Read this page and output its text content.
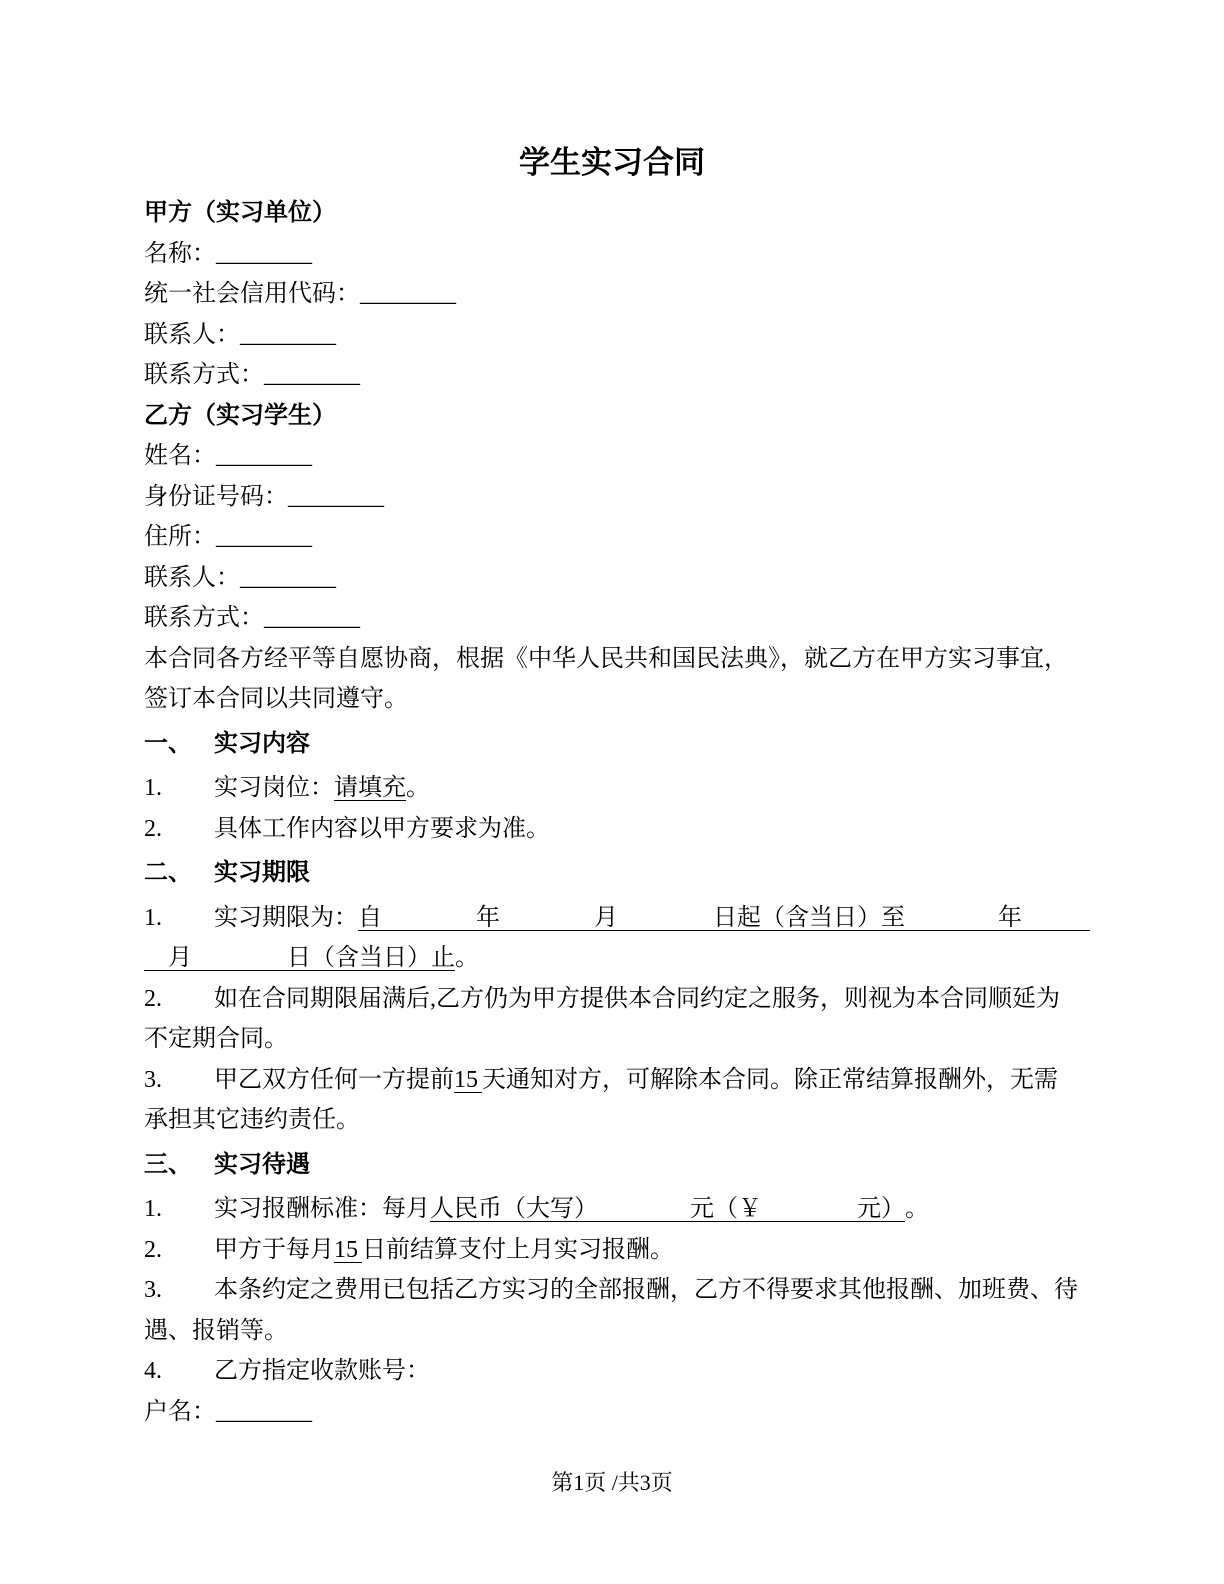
学生实习合同
甲方（实习单位）
名称：________
统一社会信用代码：________
联系人：________
联系方式：________
乙方（实习学生）
姓名：________
身份证号码：________
住所：________
联系人：________
联系方式：________
本合同各方经平等自愿协商，根据《中华人民共和国民法典》，就乙方在甲方实习事宜，
签订本合同以共同遵守。
一、 实习内容
1. 实习岗位：请填充。
2. 具体工作内容以甲方要求为准。
二、 实习期限
1. 实习期限为：自	年	月	日起（含当日）至	年
月	日（含当日）止。
2. 如在合同期限届满后,乙方仍为甲方提供本合同约定之服务，则视为本合同顺延为
不定期合同。
3. 甲乙双方任何一方提前15 天通知对方，可解除本合同。除正常结算报酬外，无需
承担其它违约责任。
三、 实习待遇
1. 实习报酬标准：每月人民币（大写）	元（￥	元）。
2. 甲方于每月15 日前结算支付上月实习报酬。
3. 本条约定之费用已包括乙方实习的全部报酬，乙方不得要求其他报酬、加班费、待
遇、报销等。
4. 乙方指定收款账号：
户名：________
第1页 /共3页
